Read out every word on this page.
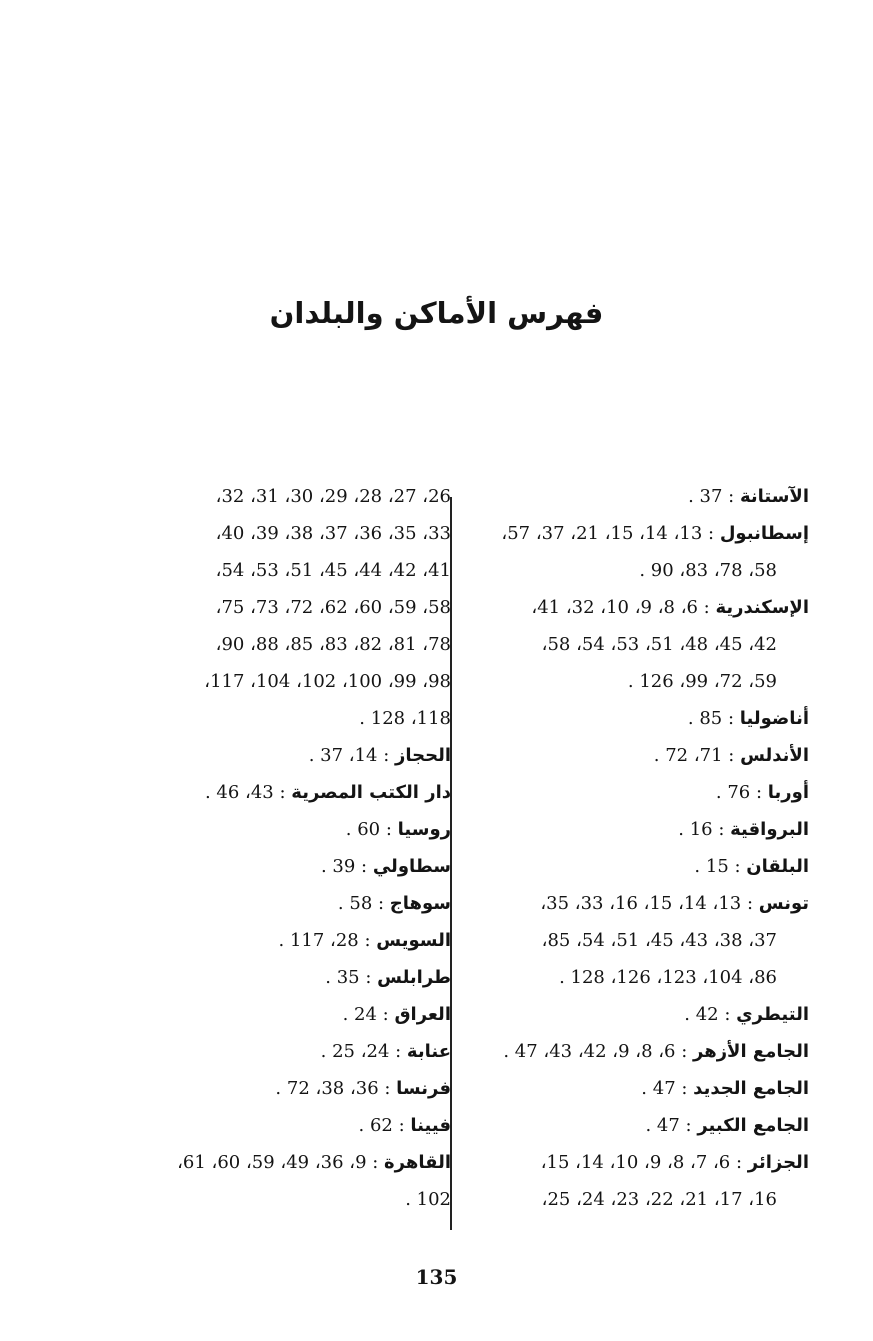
فهرس الأماكن والبلدان

الآستانة : 37 .

إسطانبول : 13، 14، 15، 21، 37، 57،

58، 78، 83، 90 .

الإسكندرية : 6، 8، 9، 10، 32، 41،

42، 45، 48، 51، 53، 54، 58،

59، 72، 99، 126 .

أناضوليا : 85 .

الأندلس : 71، 72 .

أوربا : 76 .

البرواقية : 16 .

البلقان : 15 .

تونس : 13، 14، 15، 16، 33، 35،

37، 38، 43، 45، 51، 54، 85،

86، 104، 123، 126، 128 .

التيطري : 42 .

الجامع الأزهر : 6، 8، 9، 42، 43، 47 .

الجامع الجديد : 47 .

الجامع الكبير : 47 .

الجزائر : 6، 7، 8، 9، 10، 14، 15،

16، 17، 21، 22، 23، 24، 25،

26، 27، 28، 29، 30، 31، 32،

33، 35، 36، 37، 38، 39، 40،

41، 42، 44، 45، 51، 53، 54،

58، 59، 60، 62، 72، 73، 75،

78، 81، 82، 83، 85، 88، 90،

98، 99، 100، 102، 104، 117،

118، 128 .

الحجاز : 14، 37 .

دار الكتب المصرية : 43، 46 .

روسيا : 60 .

سطاولي : 39 .

سوهاج : 58 .

السويس : 28، 117 .

طرابلس : 35 .

العراق : 24 .

عنابة : 24، 25 .

فرنسا : 36، 38، 72 .

فيينا : 62 .

القاهرة : 9، 36، 49، 59، 60، 61،

102 .

135
